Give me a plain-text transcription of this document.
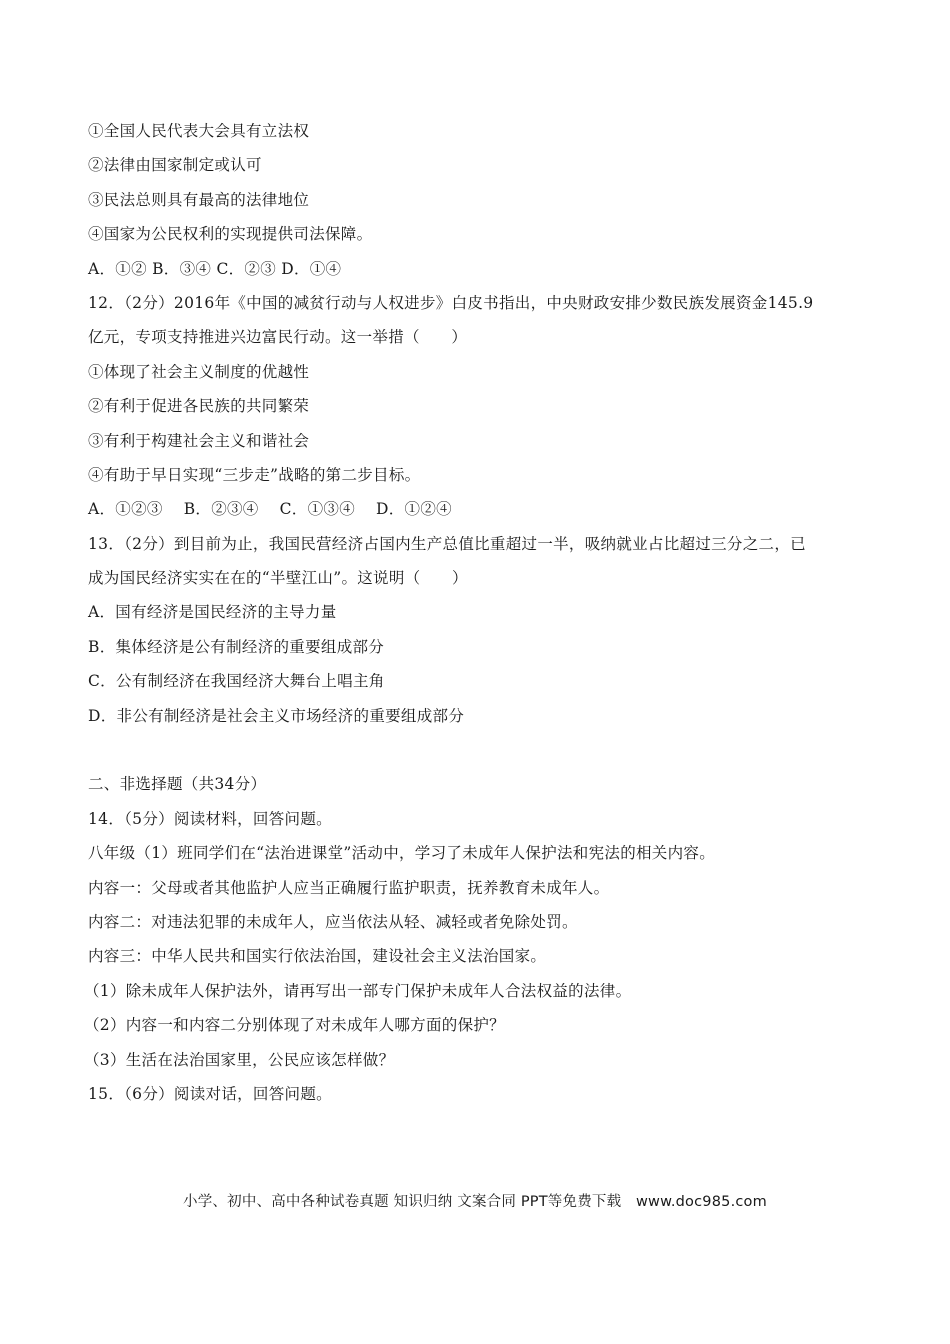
①全国人民代表大会具有立法权
②法律由国家制定或认可
③民法总则具有最高的法律地位
④国家为公民权利的实现提供司法保障。
A．①② B．③④ C．②③ D．①④
12．（2分）2016年《中国的减贫行动与人权进步》白皮书指出，中央财政安排少数民族发展资金145.9
亿元，专项支持推进兴边富民行动。这一举措（　　）
①体现了社会主义制度的优越性
②有利于促进各民族的共同繁荣
③有利于构建社会主义和谐社会
④有助于早日实现“三步走”战略的第二步目标。
A．①②③　 B．②③④　 C．①③④　 D．①②④
13．（2分）到目前为止，我国民营经济占国内生产总值比重超过一半，吸纳就业占比超过三分之二，已
成为国民经济实实在在的“半壁江山”。这说明（　　）
A．国有经济是国民经济的主导力量
B．集体经济是公有制经济的重要组成部分
C．公有制经济在我国经济大舞台上唱主角
D．非公有制经济是社会主义市场经济的重要组成部分
二、非选择题（共34分）
14．（5分）阅读材料，回答问题。
八年级（1）班同学们在“法治进课堂”活动中，学习了未成年人保护法和宪法的相关内容。
内容一：父母或者其他监护人应当正确履行监护职责，抚养教育未成年人。
内容二：对违法犯罪的未成年人，应当依法从轻、减轻或者免除处罚。
内容三：中华人民共和国实行依法治国，建设社会主义法治国家。
（1）除未成年人保护法外，请再写出一部专门保护未成年人合法权益的法律。
（2）内容一和内容二分别体现了对未成年人哪方面的保护？
（3）生活在法治国家里，公民应该怎样做？
15．（6分）阅读对话，回答问题。
小学、初中、高中各种试卷真题 知识归纳 文案合同 PPT等免费下载　www.doc985.com
